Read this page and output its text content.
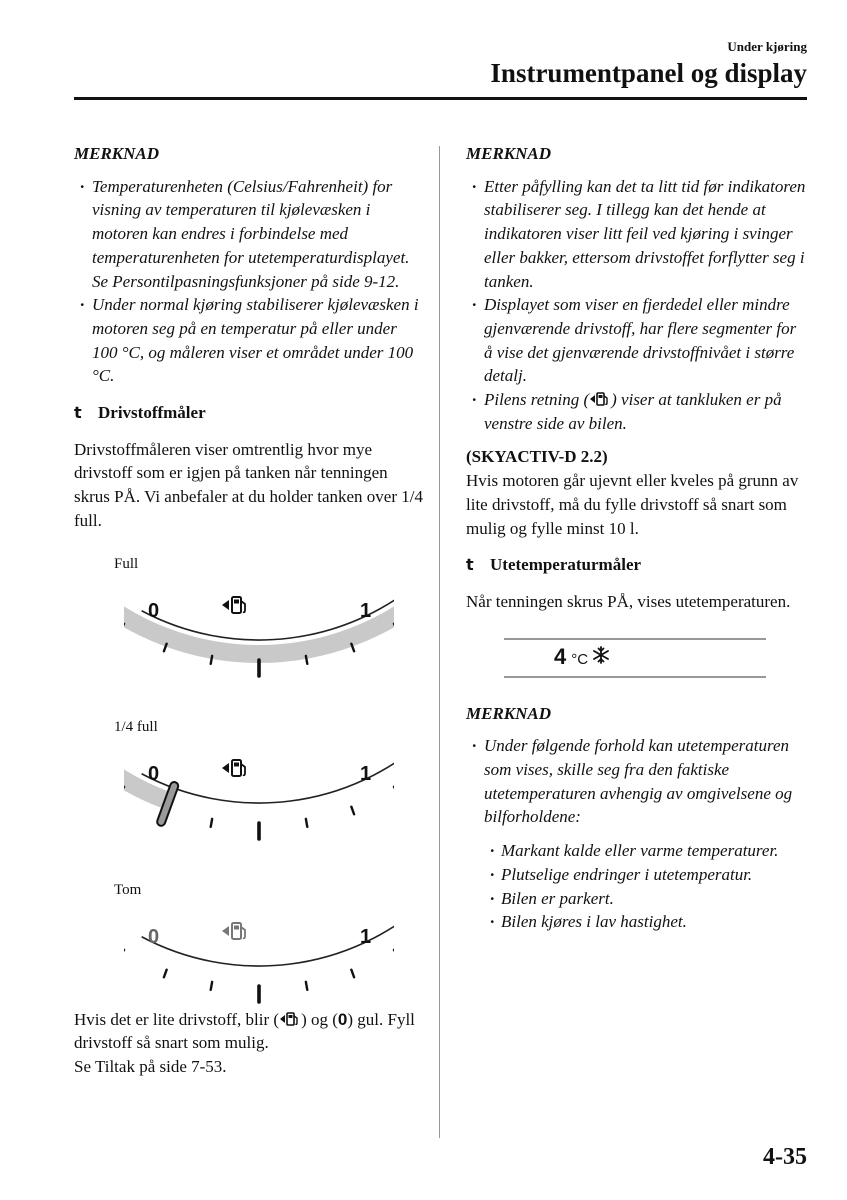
Under kjøring
Instrumentpanel og display

MERKNAD

· Temperaturenheten (Celsius/Fahrenheit) for visning av temperaturen til kjølevæsken i motoren kan endres i forbindelse med temperaturenheten for utetemperaturdisplayet.
Se Persontilpasningsfunksjoner på side 9-12.
· Under normal kjøring stabiliserer kjølevæsken i motoren seg på en temperatur på eller under 100 °C, og måleren viser et området under 100 °C.

t Drivstoffmåler

Drivstoffmåleren viser omtrentlig hvor mye drivstoff som er igjen på tanken når tenningen skrus PÅ. Vi anbefaler at du holder tanken over 1/4 full.

Full
0	1
1/4 full
0	1
Tom
0	1

Hvis det er lite drivstoff, blir ( ) og (0) gul. Fyll drivstoff så snart som mulig.
Se Tiltak på side 7-53.

MERKNAD

· Etter påfylling kan det ta litt tid før indikatoren stabiliserer seg. I tillegg kan det hende at indikatoren viser litt feil ved kjøring i svinger eller bakker, ettersom drivstoffet forflytter seg i tanken.
· Displayet som viser en fjerdedel eller mindre gjenværende drivstoff, har flere segmenter for å vise det gjenværende drivstoffnivået i større detalj.
· Pilens retning ( ) viser at tankluken er på venstre side av bilen.

(SKYACTIV-D 2.2)

Hvis motoren går ujevnt eller kveles på grunn av lite drivstoff, må du fylle drivstoff så snart som mulig og fylle minst 10 l.

t Utetemperaturmåler

Når tenningen skrus PÅ, vises utetemperaturen.

4 °C

MERKNAD

· Under følgende forhold kan utetemperaturen som vises, skille seg fra den faktiske utetemperaturen avhengig av omgivelsene og bilforholdene:
· Markant kalde eller varme temperaturer.
· Plutselige endringer i utetemperatur.
· Bilen er parkert.
· Bilen kjøres i lav hastighet.
4-35
